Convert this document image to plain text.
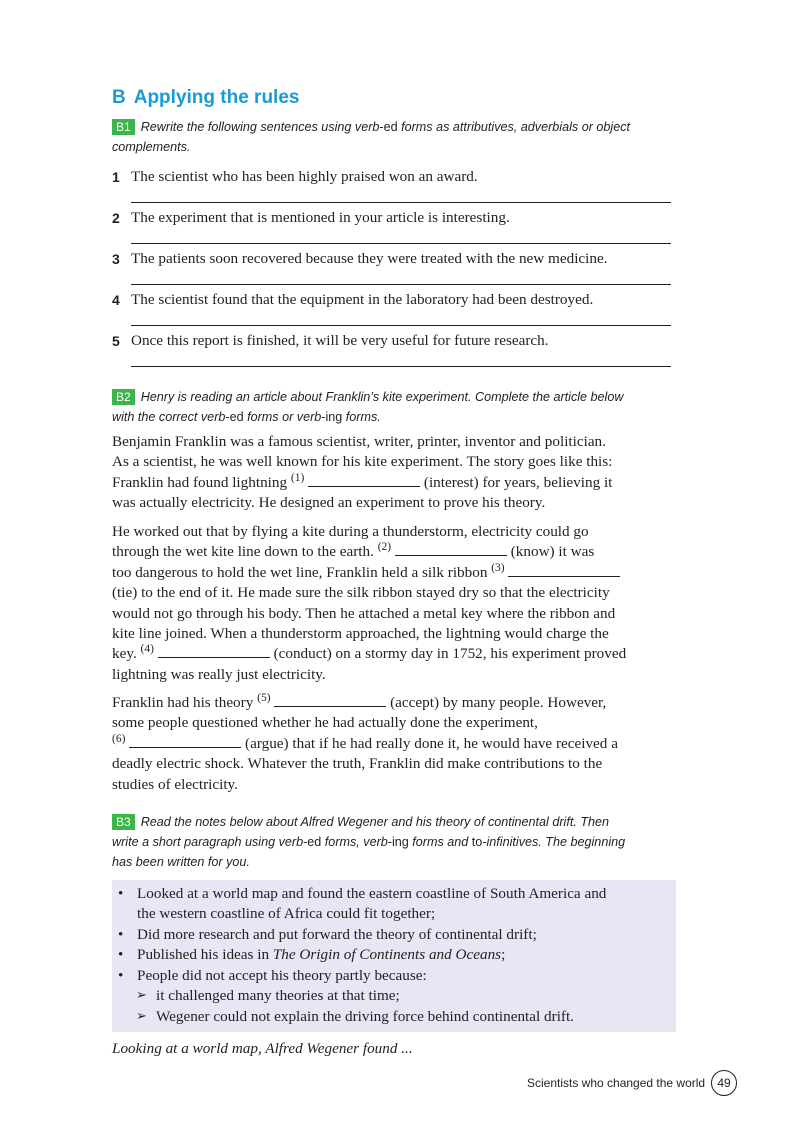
B Applying the rules
B1 Rewrite the following sentences using verb-ed forms as attributives, adverbials or object
complements.
1 The scientist who has been highly praised won an award.
2 The experiment that is mentioned in your article is interesting.
3 The patients soon recovered because they were treated with the new medicine.
4 The scientist found that the equipment in the laboratory had been destroyed.
5 Once this report is finished, it will be very useful for future research.
B2 Henry is reading an article about Franklin’s kite experiment. Complete the article below
with the correct verb-ed forms or verb-ing forms.
Benjamin Franklin was a famous scientist, writer, printer, inventor and politician.
As a scientist, he was well known for his kite experiment. The story goes like this:
Franklin had found lightning $^{(1)}$	(interest) for years, believing it
was actually electricity. He designed an experiment to prove his theory.
He worked out that by flying a kite during a thunderstorm, electricity could go
through the wet kite line down to the earth. $^{(2)}$	(know) it was
too dangerous to hold the wet line, Franklin held a silk ribbon $^{(3)}$
(tie) to the end of it. He made sure the silk ribbon stayed dry so that the electricity
would not go through his body. Then he attached a metal key where the ribbon and
kite line joined. When a thunderstorm approached, the lightning would charge the
key. $^{(4)}$	(conduct) on a stormy day in 1752, his experiment proved
lightning was really just electricity.
Franklin had his theory $^{(5)}$	(accept) by many people. However,
some people questioned whether he had actually done the experiment,
$^{(6)}$	(argue) that if he had really done it, he would have received a
deadly electric shock. Whatever the truth, Franklin did make contributions to the
studies of electricity.
B3 Read the notes below about Alfred Wegener and his theory of continental drift. Then
write a short paragraph using verb-ed forms, verb-ing forms and to-infinitives. The beginning
has been written for you.
• Looked at a world map and found the eastern coastline of South America and
the western coastline of Africa could fit together;
• Did more research and put forward the theory of continental drift;
• Published his ideas in The Origin of Continents and Oceans;
• People did not accept his theory partly because:
➢ it challenged many theories at that time;
➢ Wegener could not explain the driving force behind continental drift.
Looking at a world map, Alfred Wegener found ...
Scientists who changed the world	49
